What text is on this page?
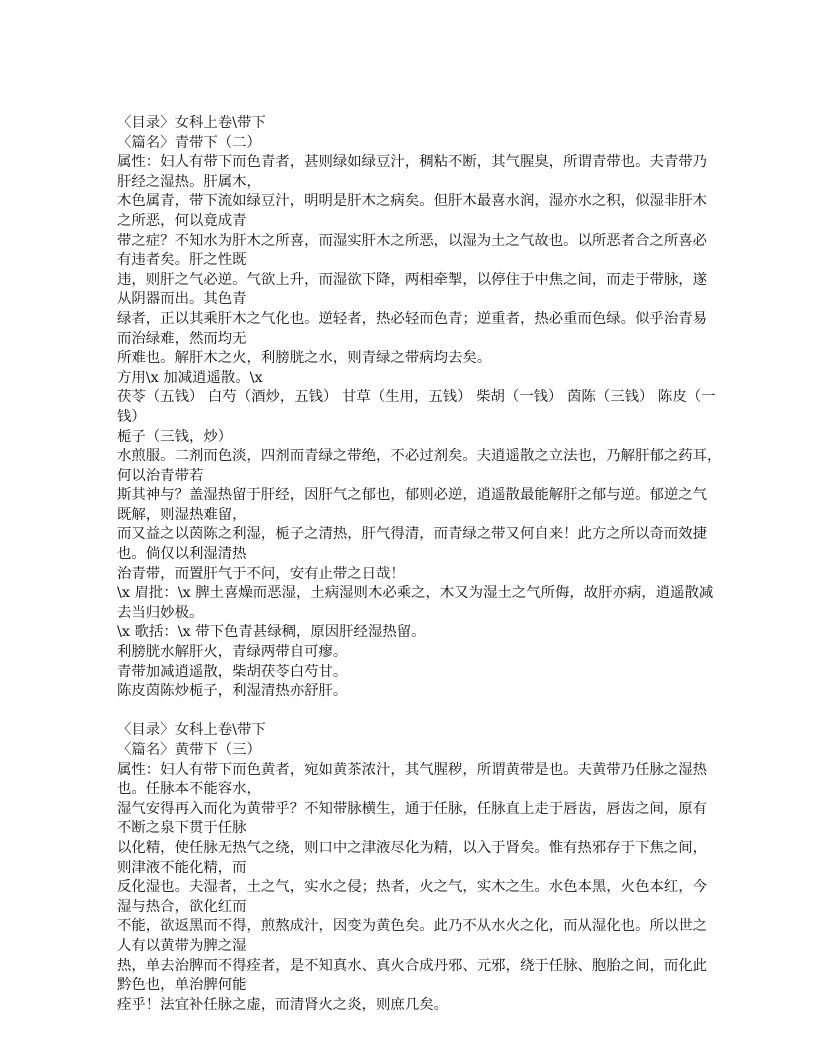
〈目录〉女科上卷\带下
〈篇名〉青带下（二）
属性：妇人有带下而色青者，甚则绿如绿豆汁，稠粘不断，其气腥臭，所谓青带也。夫青带乃
肝经之湿热。肝属木，
木色属青，带下流如绿豆汁，明明是肝木之病矣。但肝木最喜水润，湿亦水之积，似湿非肝木
之所恶，何以竟成青
带之症？不知水为肝木之所喜，而湿实肝木之所恶，以湿为土之气故也。以所恶者合之所喜必
有违者矣。肝之性既
违，则肝之气必逆。气欲上升，而湿欲下降，两相牵掣，以停住于中焦之间，而走于带脉，遂
从阴器而出。其色青
绿者，正以其乘肝木之气化也。逆轻者，热必轻而色青；逆重者，热必重而色绿。似乎治青易
而治绿难，然而均无
所难也。解肝木之火，利膀胱之水，则青绿之带病均去矣。
方用\x 加减逍遥散。\x
茯苓（五钱） 白芍（酒炒，五钱） 甘草（生用，五钱） 柴胡（一钱） 茵陈（三钱） 陈皮（一
钱）
栀子（三钱，炒）
水煎服。二剂而色淡，四剂而青绿之带绝，不必过剂矣。夫逍遥散之立法也，乃解肝郁之药耳，
何以治青带若
斯其神与？盖湿热留于肝经，因肝气之郁也，郁则必逆，逍遥散最能解肝之郁与逆。郁逆之气
既解，则湿热难留，
而又益之以茵陈之利湿，栀子之清热，肝气得清，而青绿之带又何自来！此方之所以奇而效捷
也。倘仅以利湿清热
治青带，而置肝气于不问，安有止带之日哉！
\x 眉批：\x 脾土喜燥而恶湿，土病湿则木必乘之，木又为湿土之气所侮，故肝亦病，逍遥散减
去当归妙极。
\x 歌括：\x 带下色青甚绿稠，原因肝经湿热留。
利膀胱水解肝火，青绿两带自可瘳。
青带加减逍遥散，柴胡茯苓白芍甘。
陈皮茵陈炒栀子，利湿清热亦舒肝。
〈目录〉女科上卷\带下
〈篇名〉黄带下（三）
属性：妇人有带下而色黄者，宛如黄茶浓汁，其气腥秽，所谓黄带是也。夫黄带乃任脉之湿热
也。任脉本不能容水，
湿气安得再入而化为黄带乎？不知带脉横生，通于任脉，任脉直上走于唇齿，唇齿之间，原有
不断之泉下贯于任脉
以化精，使任脉无热气之绕，则口中之津液尽化为精，以入于肾矣。惟有热邪存于下焦之间，
则津液不能化精，而
反化湿也。夫湿者，土之气，实水之侵；热者，火之气，实木之生。水色本黑，火色本红，今
湿与热合，欲化红而
不能，欲返黑而不得，煎熬成汁，因变为黄色矣。此乃不从水火之化，而从湿化也。所以世之
人有以黄带为脾之湿
热，单去治脾而不得痊者，是不知真水、真火合成丹邪、元邪，绕于任脉、胞胎之间，而化此
黔色也，单治脾何能
痊乎！法宜补任脉之虚，而清肾火之炎，则庶几矣。
